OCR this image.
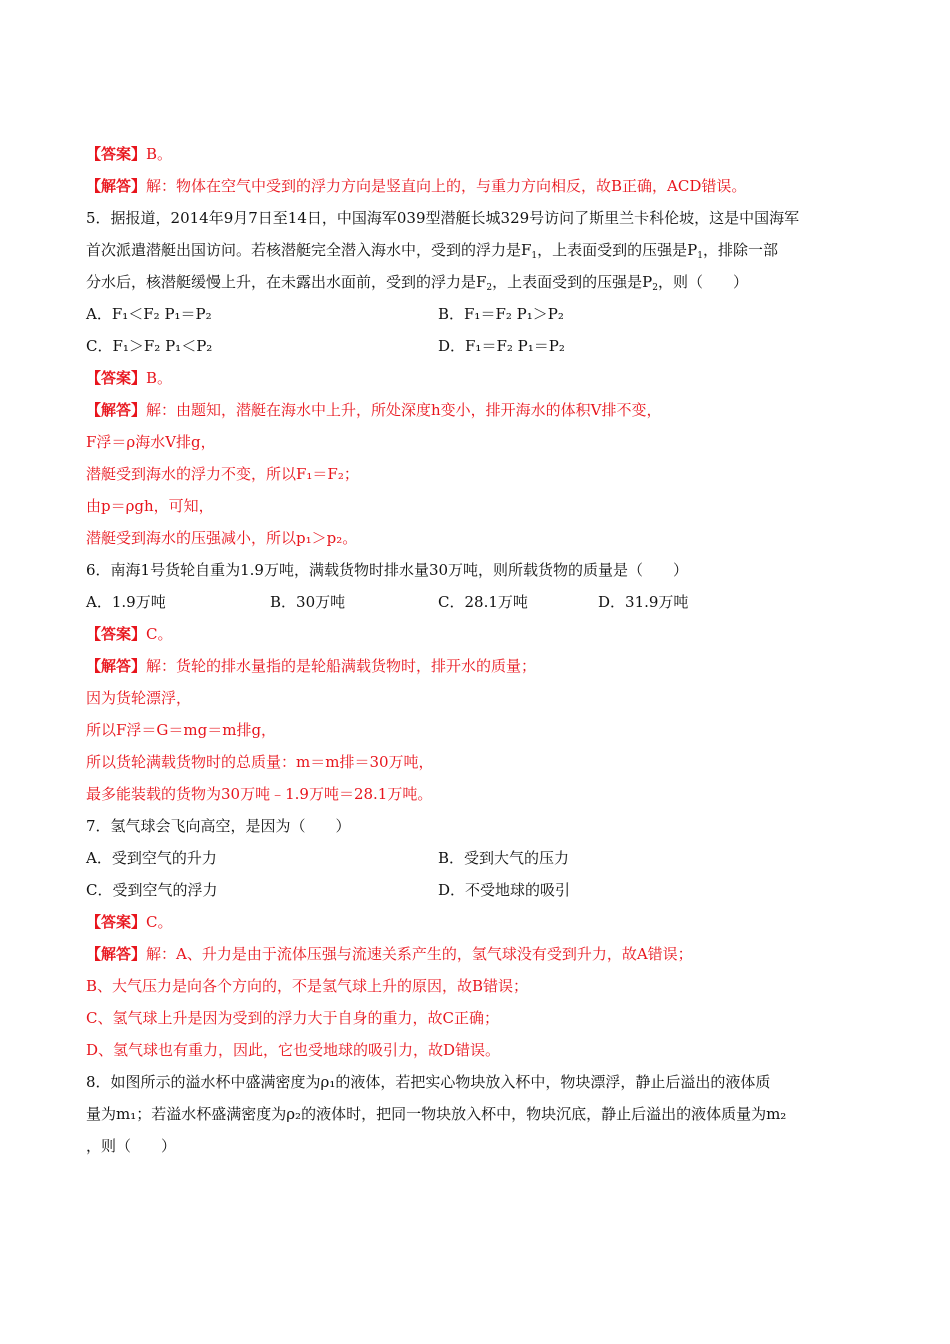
【答案】B。
【解答】解：物体在空气中受到的浮力方向是竖直向上的，与重力方向相反，故B正确，ACD错误。
5．据报道，2014年9月7日至14日，中国海军039型潜艇长城329号访问了斯里兰卡科伦坡，这是中国海军
首次派遣潜艇出国访问。若核潜艇完全潜入海水中，受到的浮力是$F_1$，上表面受到的压强是$P_1$，排除一部
分水后，核潜艇缓慢上升，在未露出水面前，受到的浮力是$F_2$，上表面受到的压强是$P_2$，则（　　）
A．F₁＜F₂ P₁＝P₂	B．F₁＝F₂ P₁＞P₂
C．F₁＞F₂ P₁＜P₂	D．F₁＝F₂ P₁＝P₂
【答案】B。
【解答】解：由题知，潜艇在海水中上升，所处深度h变小，排开海水的体积V排不变，
F浮＝ρ海水V排g，
潜艇受到海水的浮力不变，所以F₁＝F₂；
由p＝ρgh，可知，
潜艇受到海水的压强减小，所以p₁＞p₂。
6．南海1号货轮自重为1.9万吨，满载货物时排水量30万吨，则所载货物的质量是（　　）
A．1.9万吨	B．30万吨	C．28.1万吨	D．31.9万吨
【答案】C。
【解答】解：货轮的排水量指的是轮船满载货物时，排开水的质量；
因为货轮漂浮，
所以F浮＝G＝mg＝m排g，
所以货轮满载货物时的总质量：m＝m排＝30万吨，
最多能装载的货物为30万吨﹣1.9万吨＝28.1万吨。
7．氢气球会飞向高空，是因为（　　）
A．受到空气的升力	B．受到大气的压力
C．受到空气的浮力	D．不受地球的吸引
【答案】C。
【解答】解：A、升力是由于流体压强与流速关系产生的，氢气球没有受到升力，故A错误；
B、大气压力是向各个方向的，不是氢气球上升的原因，故B错误；
C、氢气球上升是因为受到的浮力大于自身的重力，故C正确；
D、氢气球也有重力，因此，它也受地球的吸引力，故D错误。
8．如图所示的溢水杯中盛满密度为ρ₁的液体，若把实心物块放入杯中，物块漂浮，静止后溢出的液体质
量为m₁；若溢水杯盛满密度为ρ₂的液体时，把同一物块放入杯中，物块沉底，静止后溢出的液体质量为m₂
，则（　　）
